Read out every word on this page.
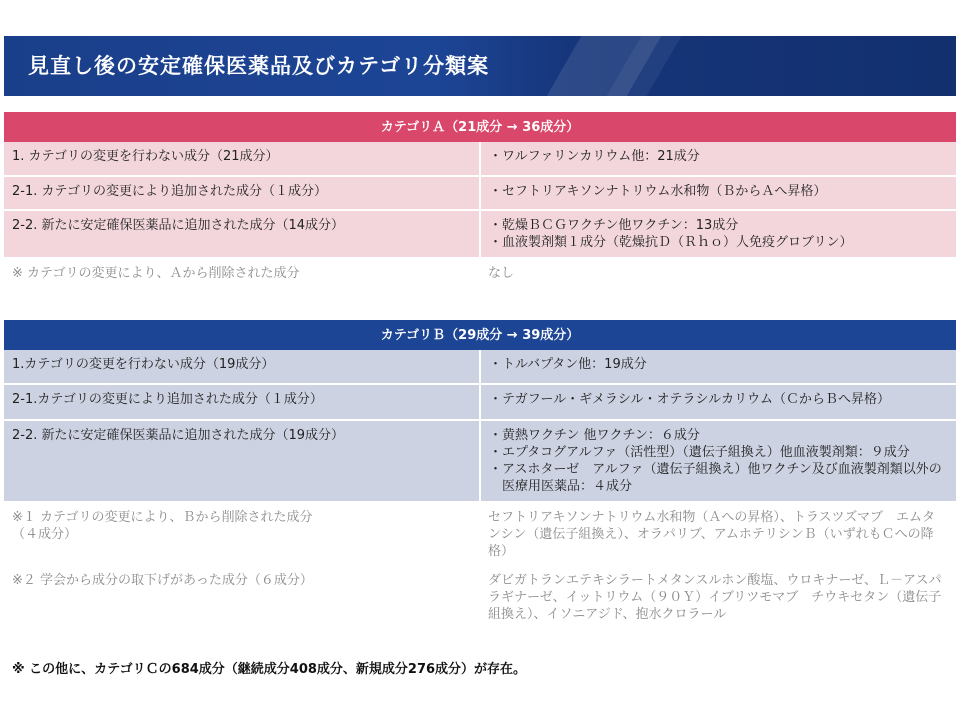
見直し後の安定確保医薬品及びカテゴリ分類案
カテゴリＡ（21成分 → 36成分）	
1. カテゴリの変更を行わない成分（21成分）	・ワルファリンカリウム他：21成分

2-1. カテゴリの変更により追加された成分（１成分）	・セフトリアキソンナトリウム水和物（ＢからＡへ昇格）

2-2. 新たに安定確保医薬品に追加された成分（14成分）	・乾燥ＢＣＧワクチン他ワクチン：13成分
・血液製剤類１成分（乾燥抗Ｄ（Ｒｈｏ）人免疫グロブリン）

※ カテゴリの変更により、Ａから削除された成分	なし
カテゴリＢ（29成分 → 39成分）	
1.カテゴリの変更を行わない成分（19成分）	・トルバプタン他：19成分

2-1.カテゴリの変更により追加された成分（１成分）	・テガフール・ギメラシル・オテラシルカリウム（ＣからＢへ昇格）

2-2. 新たに安定確保医薬品に追加された成分（19成分）	・黄熱ワクチン 他ワクチン：６成分
・エプタコグアルファ（活性型）（遺伝子組換え）他血液製剤類：９成分
・アスホターゼ　アルファ（遺伝子組換え）他ワクチン及び血液製剤類以外の
　医療用医薬品：４成分

※１ カテゴリの変更により、Ｂから削除された成分
（４成分）	セフトリアキソンナトリウム水和物（Ａへの昇格）、トラスツズマブ　エムタ
ンシン（遺伝子組換え）、オラパリブ、アムホテリシンＢ（いずれもＣへの降
格）

※２ 学会から成分の取下げがあった成分（６成分）	ダビガトランエテキシラートメタンスルホン酸塩、ウロキナーゼ、Ｌ－アスパ
ラギナーゼ、イットリウム（９０Ｙ）イブリツモマブ　チウキセタン（遺伝子
組換え）、イソニアジド、抱水クロラール
※ この他に、カテゴリＣの684成分（継続成分408成分、新規成分276成分）が存在。
